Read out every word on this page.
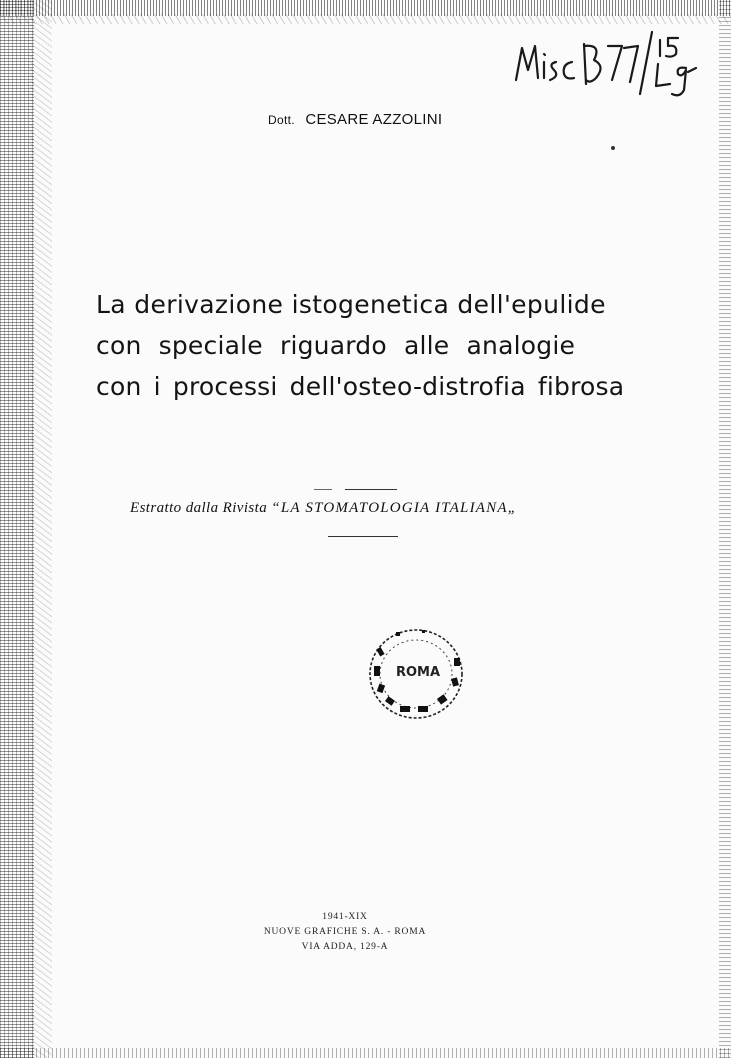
Dott. CESARE AZZOLINI
La derivazione istogenetica dell'epulide
con speciale riguardo alle analogie
con i processi dell'osteo-distrofia fibrosa
Estratto dalla Rivista “LA STOMATOLOGIA ITALIANA„
ROMA
1941-XIX
NUOVE GRAFICHE S. A. - ROMA
VIA ADDA, 129-A
